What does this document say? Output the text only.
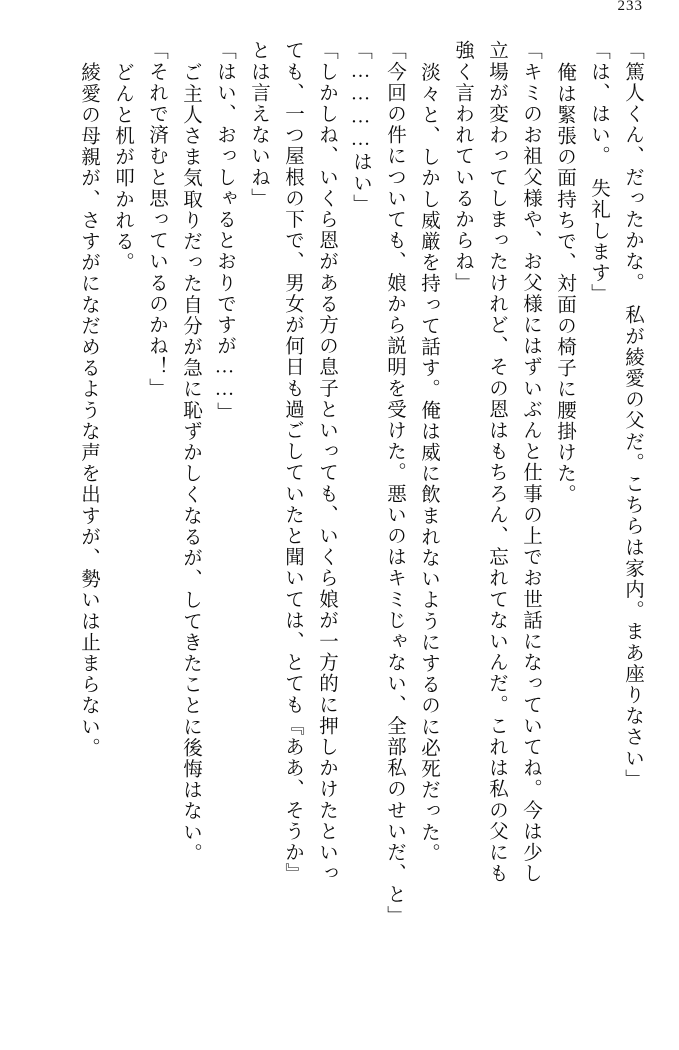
233
「篤人くん、だったかな。　私が綾愛の父だ。こちらは家内。まあ座りなさい」
「は、はい。　失礼します」
俺は緊張の面持ちで、対面の椅子に腰掛けた。
「キミのお祖父様や、お父様にはずいぶんと仕事の上でお世話になっていてね。今は少し
立場が変わってしまったけれど、その恩はもちろん、忘れてないんだ。これは私の父にも
強く言われているからね」
淡々と、しかし威厳を持って話す。俺は威に飲まれないようにするのに必死だった。
「今回の件についても、娘から説明を受けた。悪いのはキミじゃない、全部私のせいだ、と」
「…………はい」
「しかしね、いくら恩がある方の息子といっても、いくら娘が一方的に押しかけたといっ
ても、一つ屋根の下で、男女が何日も過ごしていたと聞いては、とても『ああ、そうか』
とは言えないね」
「はい、おっしゃるとおりですが……」
ご主人さま気取りだった自分が急に恥ずかしくなるが、してきたことに後悔はない。
「それで済むと思っているのかね！」
どんと机が叩かれる。
綾愛の母親が、さすがになだめるような声を出すが、勢いは止まらない。
